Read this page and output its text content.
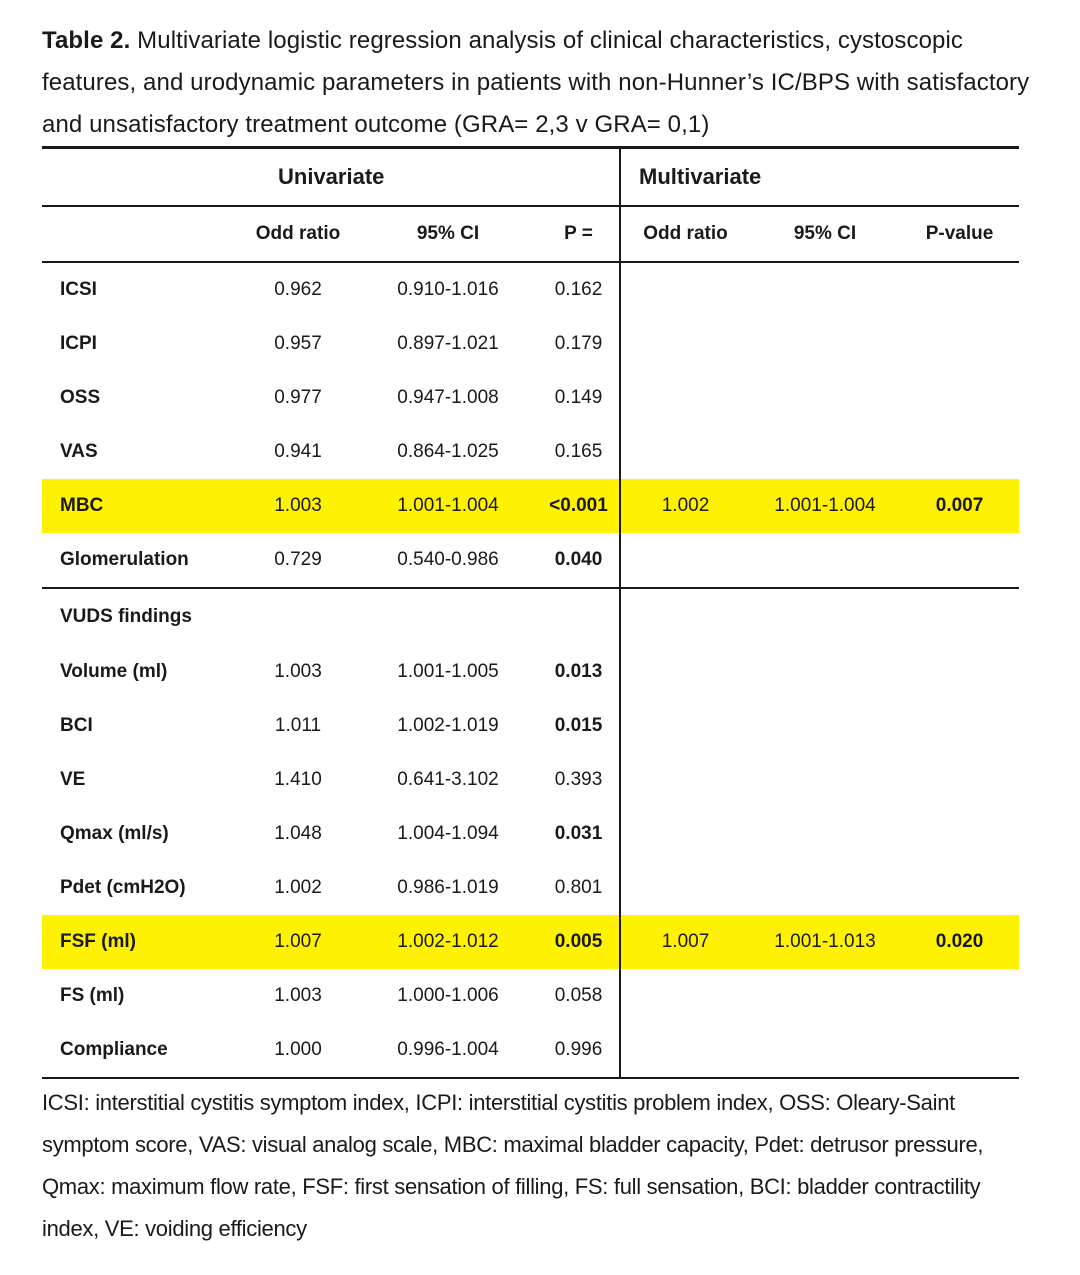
Table 2. Multivariate logistic regression analysis of clinical characteristics, cystoscopic features, and urodynamic parameters in patients with non-Hunner’s IC/BPS with satisfactory and unsatisfactory treatment outcome (GRA= 2,3 v GRA= 0,1)
	Univariate			Multivariate		
	Odd ratio	95% CI	P =	Odd ratio	95% CI	P-value
ICSI	0.962	0.910-1.016	0.162			
ICPI	0.957	0.897-1.021	0.179			
OSS	0.977	0.947-1.008	0.149			
VAS	0.941	0.864-1.025	0.165			
MBC	1.003	1.001-1.004	<0.001	1.002	1.001-1.004	0.007
Glomerulation	0.729	0.540-0.986	0.040			
VUDS findings						
Volume (ml)	1.003	1.001-1.005	0.013			
BCI	1.011	1.002-1.019	0.015			
VE	1.410	0.641-3.102	0.393			
Qmax (ml/s)	1.048	1.004-1.094	0.031			
Pdet (cmH2O)	1.002	0.986-1.019	0.801			
FSF (ml)	1.007	1.002-1.012	0.005	1.007	1.001-1.013	0.020
FS (ml)	1.003	1.000-1.006	0.058			
Compliance	1.000	0.996-1.004	0.996			
ICSI: interstitial cystitis symptom index, ICPI: interstitial cystitis problem index, OSS: Oleary-Saint symptom score, VAS: visual analog scale, MBC: maximal bladder capacity, Pdet: detrusor pressure, Qmax: maximum flow rate, FSF: first sensation of filling, FS: full sensation, BCI: bladder contractility index, VE: voiding efficiency
